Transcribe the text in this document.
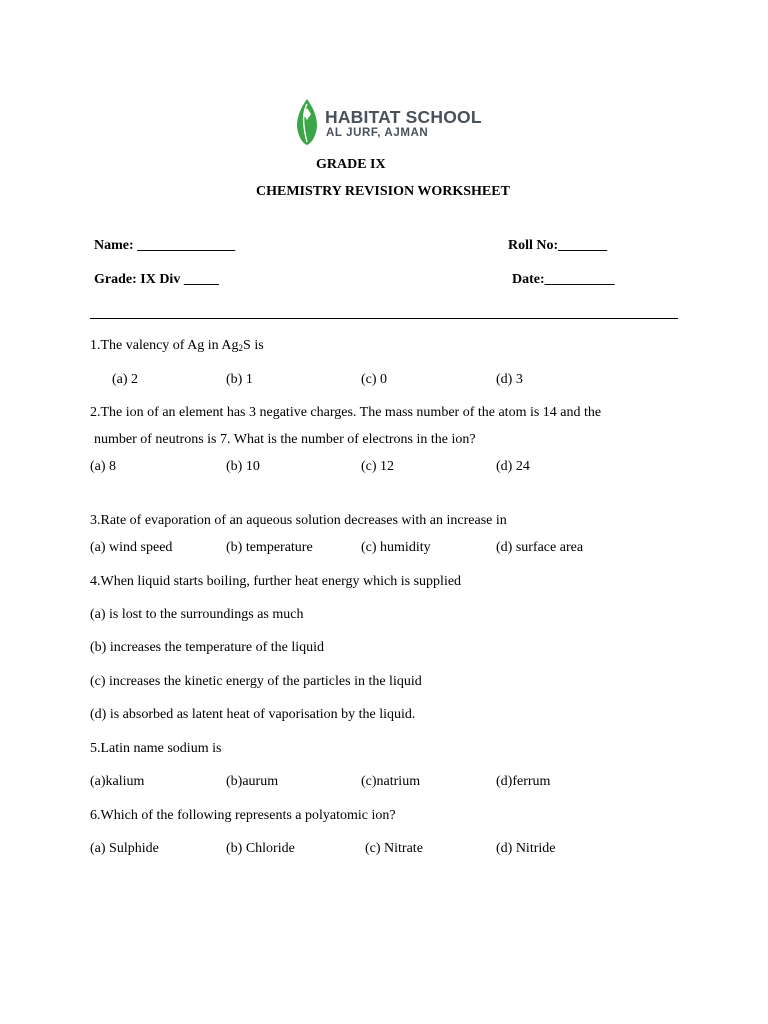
HABITAT SCHOOL
AL JURF, AJMAN
GRADE IX
CHEMISTRY REVISION WORKSHEET
Name: ______________	Roll No:_______
Grade: IX Div _____	Date:__________
1.The valency of Ag in $Ag_2S$ is
(a) 2	(b) 1	(c) 0	(d) 3
2.The ion of an element has 3 negative charges. The mass number of the atom is 14 and the
number of neutrons is 7. What is the number of electrons in the ion?
(a) 8	(b) 10	(c) 12	(d) 24
3.Rate of evaporation of an aqueous solution decreases with an increase in
(a) wind speed	(b) temperature	(c) humidity	(d) surface area
4.When liquid starts boiling, further heat energy which is supplied
(a) is lost to the surroundings as much
(b) increases the temperature of the liquid
(c) increases the kinetic energy of the particles in the liquid
(d) is absorbed as latent heat of vaporisation by the liquid.
5.Latin name sodium is
(a)kalium	(b)aurum	(c)natrium	(d)ferrum
6.Which of the following represents a polyatomic ion?
(a) Sulphide	(b) Chloride	(c) Nitrate	(d) Nitride
